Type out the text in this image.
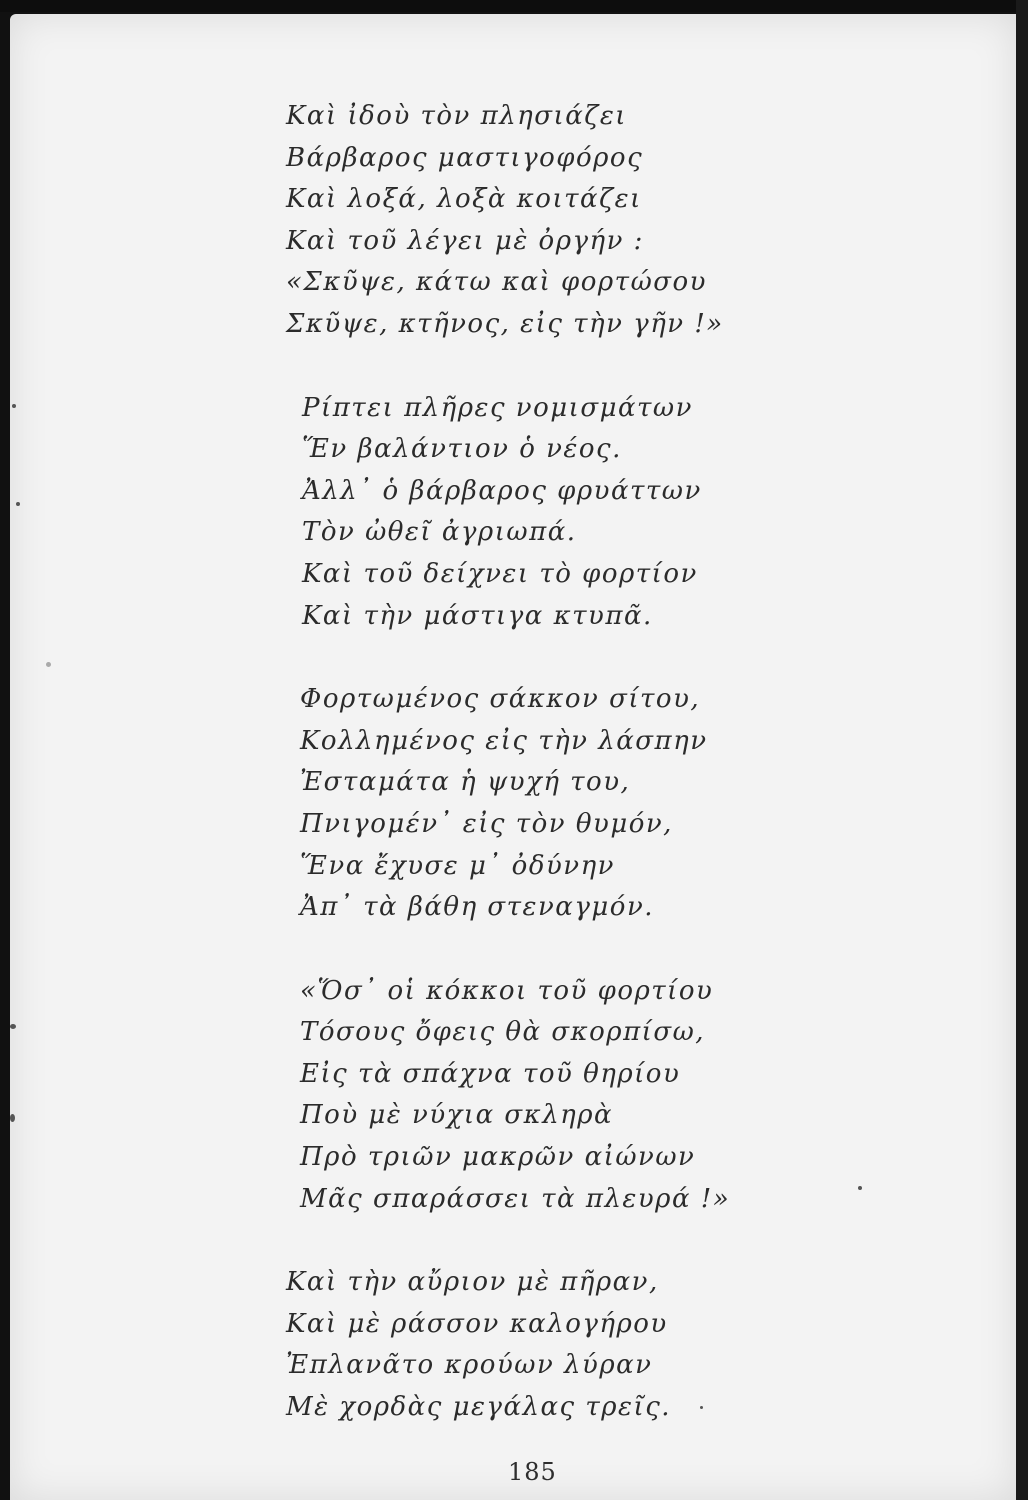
Καὶ ἰδοὺ τὸν πλησιάζει
Βάρβαρος μαστιγοφόρος
Καὶ λοξά, λοξὰ κοιτάζει
Καὶ τοῦ λέγει μὲ ὀργήν :
«Σκῦψε, κάτω καὶ φορτώσου
Σκῦψε, κτῆνος, εἰς τὴν γῆν !»
Ρίπτει πλῆρες νομισμάτων
Ἕν βαλάντιον ὁ νέος.
Ἀλλ᾽ ὁ βάρβαρος φρυάττων
Τὸν ὠθεῖ ἀγριωπά.
Καὶ τοῦ δείχνει τὸ φορτίον
Καὶ τὴν μάστιγα κτυπᾶ.
Φορτωμένος σάκκον σίτου,
Κολλημένος εἰς τὴν λάσπην
Ἐσταμάτα ἡ ψυχή του,
Πνιγομέν᾽ εἰς τὸν θυμόν,
Ἕνα ἔχυσε μ᾽ ὀδύνην
Ἀπ᾽ τὰ βάθη στεναγμόν.
«Ὅσ᾽ οἱ κόκκοι τοῦ φορτίου
Τόσους ὄφεις θὰ σκορπίσω,
Εἰς τὰ σπάχνα τοῦ θηρίου
Ποὺ μὲ νύχια σκληρὰ
Πρὸ τριῶν μακρῶν αἰώνων
Μᾶς σπαράσσει τὰ πλευρά !»
Καὶ τὴν αὔριον μὲ πῆραν,
Καὶ μὲ ράσσον καλογήρου
Ἐπλανᾶτο κρούων λύραν
Μὲ χορδὰς μεγάλας τρεῖς.
185
